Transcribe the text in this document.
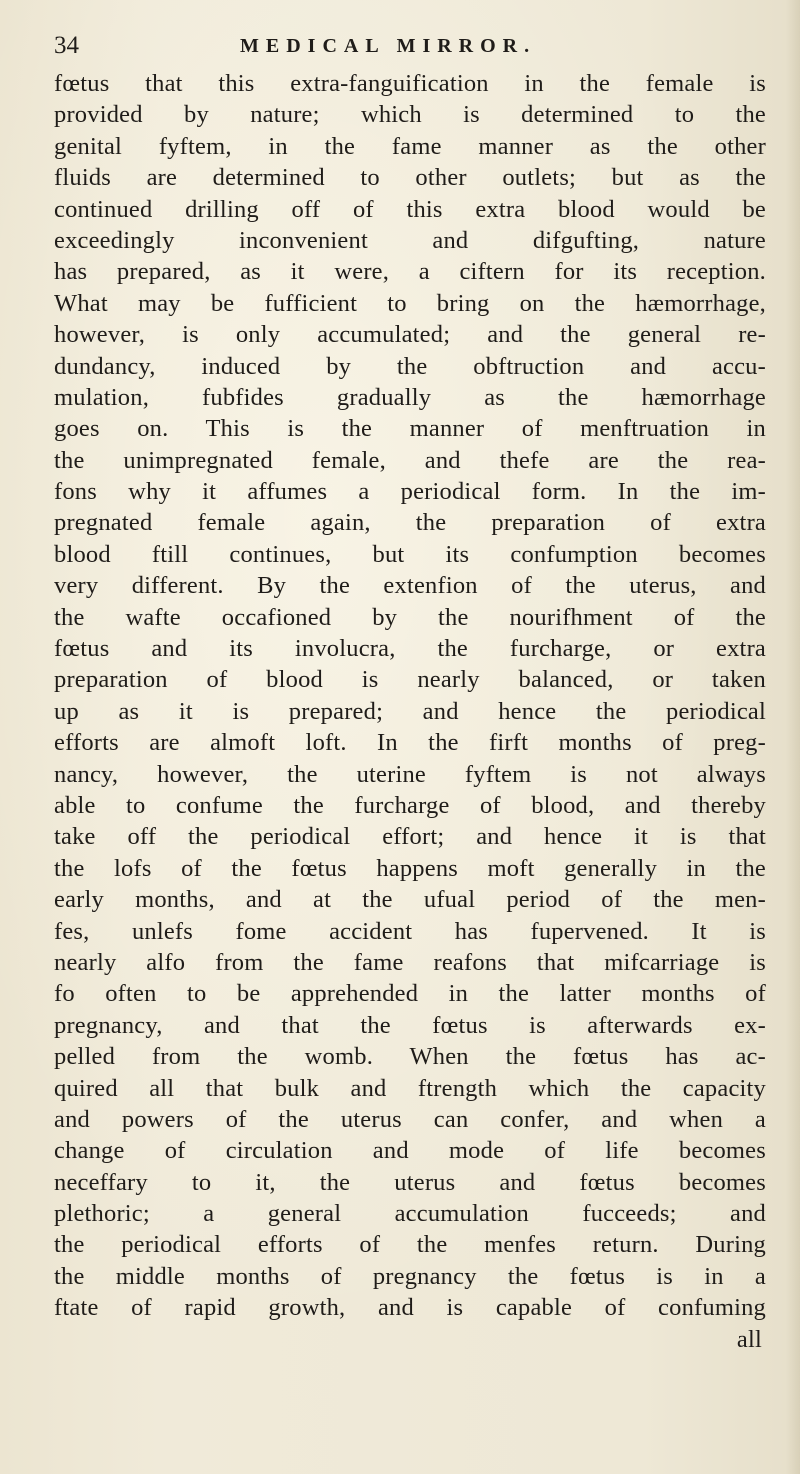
34	MEDICAL MIRROR.
fœtus that this extra-fanguification in the female is
provided by nature; which is determined to the
genital fyftem, in the fame manner as the other
fluids are determined to other outlets; but as the
continued drilling off of this extra blood would be
exceedingly inconvenient and difgufting, nature
has prepared, as it were, a ciftern for its reception.
What may be fufficient to bring on the hæmorrhage,
however, is only accumulated; and the general re-
dundancy, induced by the obftruction and accu-
mulation, fubfides gradually as the hæmorrhage
goes on. This is the manner of menftruation in
the unimpregnated female, and thefe are the rea-
fons why it affumes a periodical form. In the im-
pregnated female again, the preparation of extra
blood ftill continues, but its confumption becomes
very different. By the extenfion of the uterus, and
the wafte occafioned by the nourifhment of the
fœtus and its involucra, the furcharge, or extra
preparation of blood is nearly balanced, or taken
up as it is prepared; and hence the periodical
efforts are almoft loft. In the firft months of preg-
nancy, however, the uterine fyftem is not always
able to confume the furcharge of blood, and thereby
take off the periodical effort; and hence it is that
the lofs of the fœtus happens moft generally in the
early months, and at the ufual period of the men-
fes, unlefs fome accident has fupervened. It is
nearly alfo from the fame reafons that mifcarriage is
fo often to be apprehended in the latter months of
pregnancy, and that the fœtus is afterwards ex-
pelled from the womb. When the fœtus has ac-
quired all that bulk and ftrength which the capacity
and powers of the uterus can confer, and when a
change of circulation and mode of life becomes
neceffary to it, the uterus and fœtus becomes
plethoric; a general accumulation fucceeds; and
the periodical efforts of the menfes return. During
the middle months of pregnancy the fœtus is in a
ftate of rapid growth, and is capable of confuming
all
